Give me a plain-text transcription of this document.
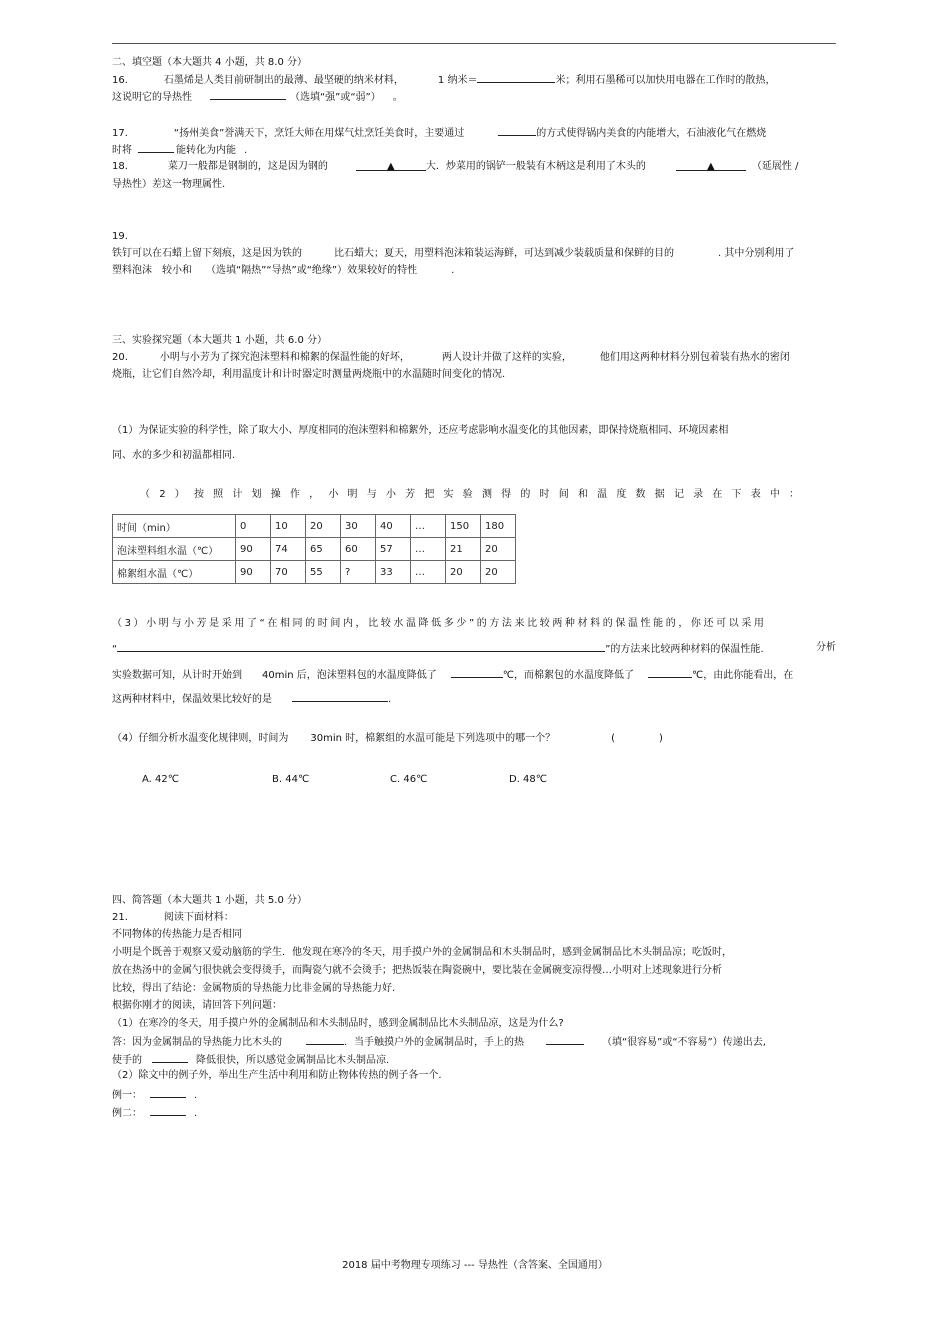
二、填空题（本大题共 4 小题，共 8.0 分）
16.	石墨烯是人类目前研制出的最薄、最坚硬的纳米材料，	1 纳米＝	米；利用石墨稀可以加快用电器在工作时的散热，
这说明它的导热性	（选填“强”或“弱”） 。
17.	“扬州美食”誉满天下，烹饪大师在用煤气灶烹饪美食时，主要通过	的方式使得锅内美食的内能增大，石油液化气在燃烧
时将	能转化为内能 .
18.	菜刀一般都是钢制的，这是因为钢的	▲	大．炒菜用的锅铲一般装有木柄这是利用了木头的	▲	（延展性 /
导热性）差这一物理属性.
19.
铁钉可以在石蜡上留下刻痕，这是因为铁的	比石蜡大；夏天，用塑料泡沫箱装运海鲜，可达到减少装载质量和保鲜的目的	. 其中分别利用了
塑料泡沫 较小和 （选填“隔热”“导热”或“绝缘”）效果较好的特性	.
三、实验探究题（本大题共 1 小题，共 6.0 分）
20.	小明与小芳为了探究泡沫塑料和棉絮的保温性能的好坏，	两人设计并做了这样的实验，	他们用这两种材料分别包着装有热水的密闭
烧瓶，让它们自然冷却，利用温度计和计时器定时测量两烧瓶中的水温随时间变化的情况.
（1）为保证实验的科学性，除了取大小、厚度相同的泡沫塑料和棉絮外，还应考虑影响水温变化的其他因素，即保持烧瓶相同、环境因素相
同、水的多少和初温都相同.
（2）按照计划操作，小明与小芳把实验测得的时间和温度数据记录在下表中：
时间（min）	0	10	20	30	40	…	150	180
泡沫塑料组水温（℃）	90	74	65	60	57	…	21	20
棉絮组水温（℃）	90	70	55	?	33	…	20	20
（3）小明与小芳是采用了“在相同的时间内，比较水温降低多少”的方法来比较两种材料的保温性能的，你还可以采用
“	”的方法来比较两种材料的保温性能.	分析
实验数据可知，从计时开始到 40min 后，泡沫塑料包的水温度降低了	℃，而棉絮包的水温度降低了	℃，由此你能看出，在
这两种材料中，保温效果比较好的是	.
（4）仔细分析水温变化规律则，时间为 30min 时，棉絮组的水温可能是下列选项中的哪一个？	(	)
A. 42℃	B. 44℃	C. 46℃	D. 48℃
四、简答题（本大题共 1 小题，共 5.0 分）
21.	阅读下面材料：
不同物体的传热能力是否相同
小明是个既善于观察又爱动脑筋的学生．他发现在寒冷的冬天，用手摸户外的金属制品和木头制品时，感到金属制品比木头制品凉；吃饭时，
放在热汤中的金属勺很快就会变得烫手，而陶瓷勺就不会烫手；把热饭装在陶瓷碗中，要比装在金属碗变凉得慢…小明对上述现象进行分析
比较，得出了结论：金属物质的导热能力比非金属的导热能力好.
根据你刚才的阅读，请回答下列问题：
（1）在寒冷的冬天，用手摸户外的金属制品和木头制品时，感到金属制品比木头制品凉，这是为什么?
答：因为金属制品的导热能力比木头的	．当手触摸户外的金属制品时，手上的热	（填“很容易”或“不容易”）传递出去,
使手的	降低很快，所以感觉金属制品比木头制品凉.
（2）除文中的例子外，举出生产生活中利用和防止物体传热的例子各一个.
例一：	.
例二：	.
2018 届中考物理专项练习 --- 导热性（含答案、全国通用）
